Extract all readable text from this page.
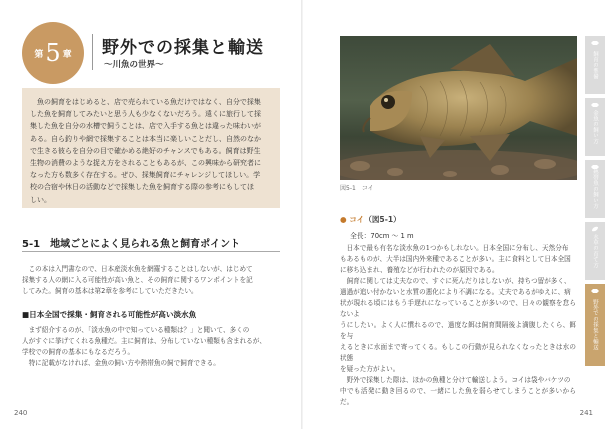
第 5 章 野外での採集と輸送
〜川魚の世界〜

　魚の飼育をはじめると、店で売られている魚だけではなく、自分で採集

した魚を飼育してみたいと思う人も少なくないだろう。遠くに旅行して採

集した魚を自分の水槽で飼うことは、店で入手する魚とは違った味わいが

ある。自ら釣りや網で採集することは本当に楽しいことだし、自然のなか

で生きる彼らを自分の目で確かめる絶好のチャンスでもある。飼育は野生

生物の消費のような捉え方をされることもあるが、この興味から研究者に

なった方も数多く存在する。ぜひ、採集飼育にチャレンジしてほしい。学

校の合宿や休日の活動などで採集した魚を飼育する際の参考にもしてほ

しい。

5-1　地域ごとによく見られる魚と飼育ポイント

　この本は入門書なので、日本産淡水魚を網羅することはしないが、はじめて

採集する人の網に入る可能性が高い魚と、その飼育に関するワンポイントを記

してみた。飼育の基本は第2章を参考にしていただきたい。

■日本全国で採集・飼育される可能性が高い淡水魚

　まず紹介するのが、「淡水魚の中で知っている種類は？」と聞いて、多くの

人がすぐに挙げてくれる魚種だ。主に飼育は、分布していない種類も含まれるが、

学校での飼育の基本にもなるだろう。

　特に記載がなければ、金魚の飼い方や熱帯魚の飼で飼育できる。

240
図5-1　コイ
● コイ（図5-1）
全長：70cm 〜 1 m

　日本で最も有名な淡水魚の1つかもしれない。日本全国に分布し、天然分布

もあるものが、大半は国内外来種であることが多い。主に食料として日本全国

に移ち込まれ、養殖などが行われたのが原因である。

　飼育に関しては丈夫なので、すぐに死んだりはしないが、持ちつ留が多く、

過過が追い付かないと水質の悪化により不調になる。丈夫であるがゆえに、病

状が現れる頃にはもう手遅れになっていることが多いので、日々の観察を怠らないよ

うにしたい。よく人に慣れるので、過度な餌は飼育間隔後よ満腹したくら、餌を与

えるときに水面まで寄ってくる。もしこの行動が見られなくなったときは水の状態

を疑った方がよい。

　野外で採集した際は、ほかの魚種と分けて輸送しよう。コイは袋やバケツの

中でも活発に動き回るので、一緒にした魚を弱らせてしまうことが多いからだ。

飼育の準備
金魚の飼い方
熱帯魚の飼い方
水草の育て方
野外での採集と輸送
241
